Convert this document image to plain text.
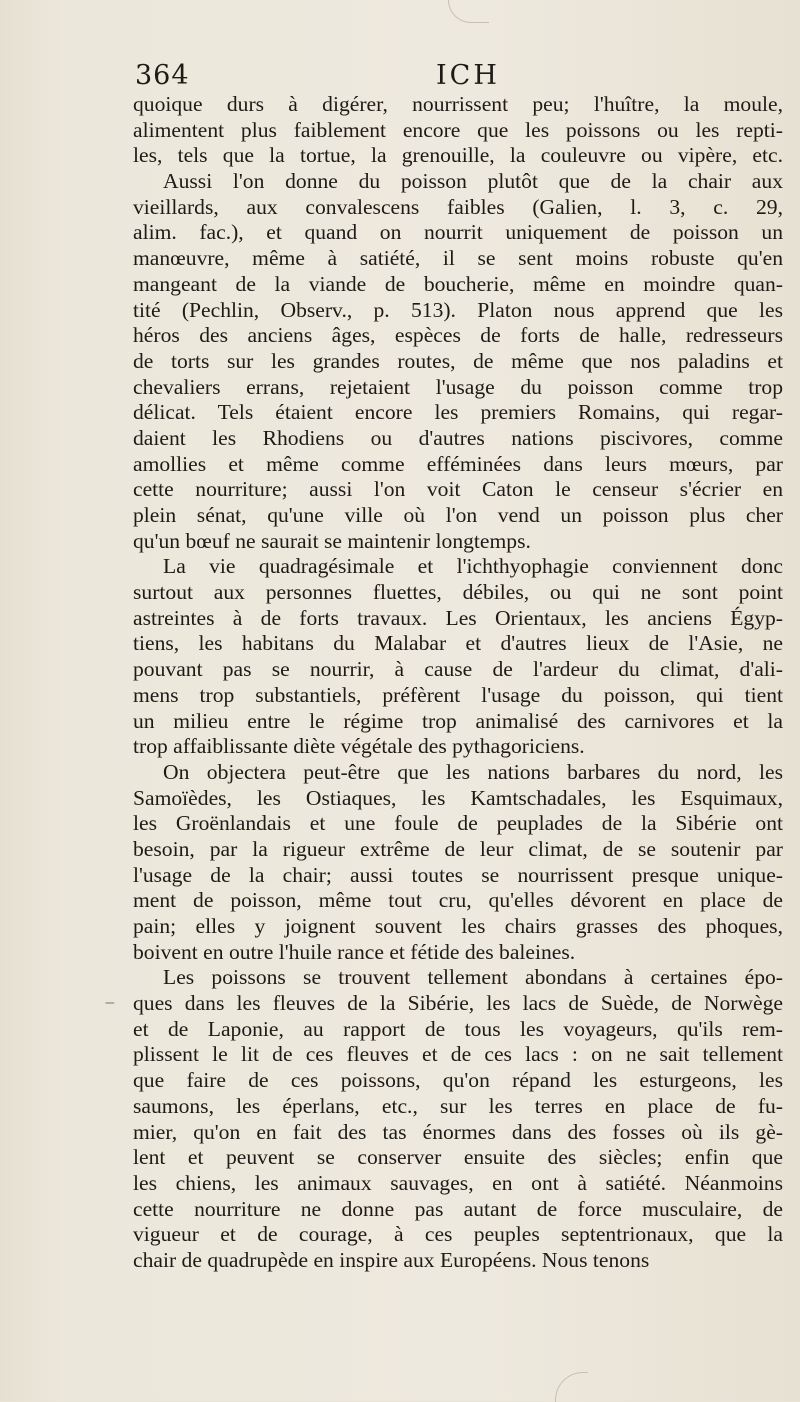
364	ICH
quoique durs à digérer, nourrissent peu; l'huître, la moule,
alimentent plus faiblement encore que les poissons ou les repti-
les, tels que la tortue, la grenouille, la couleuvre ou vipère, etc.
Aussi l'on donne du poisson plutôt que de la chair aux
vieillards, aux convalescens faibles (Galien, l. 3, c. 29,
alim. fac.), et quand on nourrit uniquement de poisson un
manœuvre, même à satiété, il se sent moins robuste qu'en
mangeant de la viande de boucherie, même en moindre quan-
tité (Pechlin, Observ., p. 513). Platon nous apprend que les
héros des anciens âges, espèces de forts de halle, redresseurs
de torts sur les grandes routes, de même que nos paladins et
chevaliers errans, rejetaient l'usage du poisson comme trop
délicat. Tels étaient encore les premiers Romains, qui regar-
daient les Rhodiens ou d'autres nations piscivores, comme
amollies et même comme efféminées dans leurs mœurs, par
cette nourriture; aussi l'on voit Caton le censeur s'écrier en
plein sénat, qu'une ville où l'on vend un poisson plus cher
qu'un bœuf ne saurait se maintenir longtemps.
La vie quadragésimale et l'ichthyophagie conviennent donc
surtout aux personnes fluettes, débiles, ou qui ne sont point
astreintes à de forts travaux. Les Orientaux, les anciens Égyp-
tiens, les habitans du Malabar et d'autres lieux de l'Asie, ne
pouvant pas se nourrir, à cause de l'ardeur du climat, d'ali-
mens trop substantiels, préfèrent l'usage du poisson, qui tient
un milieu entre le régime trop animalisé des carnivores et la
trop affaiblissante diète végétale des pythagoriciens.
On objectera peut-être que les nations barbares du nord, les
Samoïèdes, les Ostiaques, les Kamtschadales, les Esquimaux,
les Groënlandais et une foule de peuplades de la Sibérie ont
besoin, par la rigueur extrême de leur climat, de se soutenir par
l'usage de la chair; aussi toutes se nourrissent presque unique-
ment de poisson, même tout cru, qu'elles dévorent en place de
pain; elles y joignent souvent les chairs grasses des phoques,
boivent en outre l'huile rance et fétide des baleines.
Les poissons se trouvent tellement abondans à certaines épo-
ques dans les fleuves de la Sibérie, les lacs de Suède, de Norwège
et de Laponie, au rapport de tous les voyageurs, qu'ils rem-
plissent le lit de ces fleuves et de ces lacs : on ne sait tellement
que faire de ces poissons, qu'on répand les esturgeons, les
saumons, les éperlans, etc., sur les terres en place de fu-
mier, qu'on en fait des tas énormes dans des fosses où ils gè-
lent et peuvent se conserver ensuite des siècles; enfin que
les chiens, les animaux sauvages, en ont à satiété. Néanmoins
cette nourriture ne donne pas autant de force musculaire, de
vigueur et de courage, à ces peuples septentrionaux, que la
chair de quadrupède en inspire aux Européens. Nous tenons
⁻
